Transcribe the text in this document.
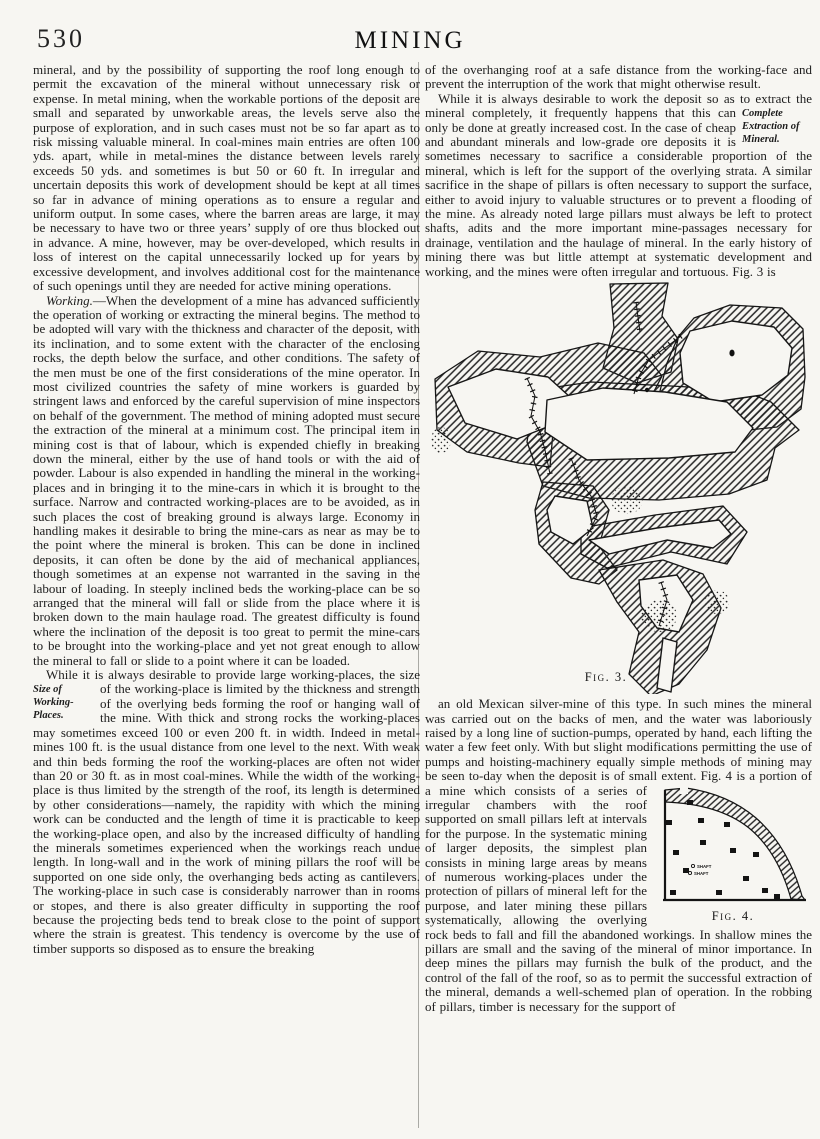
530	MINING

mineral, and by the possibility of supporting the roof long enough to permit the excavation of the mineral without unnecessary risk or expense. In metal mining, when the workable portions of the deposit are small and separated by unworkable areas, the levels serve also the purpose of exploration, and in such cases must not be so far apart as to risk missing valuable mineral. In coal-mines main entries are often 100 yds. apart, while in metal-mines the distance between levels rarely exceeds 50 yds. and sometimes is but 50 or 60 ft. In irregular and uncertain deposits this work of development should be kept at all times so far in advance of mining operations as to ensure a regular and uniform output. In some cases, where the barren areas are large, it may be necessary to have two or three years’ supply of ore thus blocked out in advance. A mine, however, may be over-developed, which results in loss of interest on the capital unnecessarily locked up for years by excessive development, and involves additional cost for the maintenance of such openings until they are needed for active mining operations.

Working.—When the development of a mine has advanced sufficiently the operation of working or extracting the mineral begins. The method to be adopted will vary with the thickness and character of the deposit, with its inclination, and to some extent with the character of the enclosing rocks, the depth below the surface, and other conditions. The safety of the men must be one of the first considerations of the mine operator. In most civilized countries the safety of mine workers is guarded by stringent laws and enforced by the careful supervision of mine inspectors on behalf of the government. The method of mining adopted must secure the extraction of the mineral at a minimum cost. The principal item in mining cost is that of labour, which is expended chiefly in breaking down the mineral, either by the use of hand tools or with the aid of powder. Labour is also expended in handling the mineral in the working-places and in bringing it to the mine-cars in which it is brought to the surface. Narrow and contracted working-places are to be avoided, as in such places the cost of breaking ground is always large. Economy in handling makes it desirable to bring the mine-cars as near as may be to the point where the mineral is broken. This can be done in inclined deposits, it can often be done by the aid of mechanical appliances, though sometimes at an expense not warranted in the saving in the labour of loading. In steeply inclined beds the working-place can be so arranged that the mineral will fall or slide from the place where it is broken down to the main haulage road. The greatest difficulty is found where the inclination of the deposit is too great to permit the mine-cars to be brought into the working-place and yet not great enough to allow the mineral to fall or slide to a point where it can be loaded.

While it is always desirable to provide large working-places, the size of the working-place is limited by the thickness and
Size of Working-Places.
strength of the overlying beds forming the roof or hanging wall of the mine. With thick and strong rocks the working-places may sometimes exceed 100 or even 200 ft. in width. Indeed in metal-mines 100 ft. is the usual distance from one level to the next. With weak and thin beds forming the roof the working-places are often not wider than 20 or 30 ft. as in most coal-mines. While the width of the working-place is thus limited by the strength of the roof, its length is determined by other considerations—namely, the rapidity with which the mining work can be conducted and the length of time it is practicable to keep the working-place open, and also by the increased difficulty of handling the minerals sometimes experienced when the workings reach undue length. In long-wall and in the work of mining pillars the roof will be supported on one side only, the overhanging beds acting as cantilevers. The working-place in such case is considerably narrower than in rooms or stopes, and there is also greater difficulty in supporting the roof because the projecting beds tend to break close to the point of support where the strain is greatest. This tendency is overcome by the use of timber supports so disposed as to ensure the breaking

of the overhanging roof at a safe distance from the working-face and prevent the interruption of the work that might otherwise result.

While it is always desirable to work the deposit so as to extract the mineral completely, it frequently happens that	Complete Extraction of Mineral.
this can only be done at greatly increased cost. In the case of cheap and abundant minerals and low-grade ore deposits it is sometimes necessary to sacrifice a considerable proportion of the mineral, which is left for the support of the overlying strata. A similar sacrifice in the shape of pillars is often necessary to support the surface, either to avoid injury to valuable structures or to prevent a flooding of the mine. As already noted large pillars must always be left to protect shafts, adits and the more important mine-passages necessary for drainage, ventilation and the haulage of mineral. In the early history of mining there was but little attempt at systematic development and working, and the mines were often irregular and tortuous. Fig. 3 is

Fig. 3.

an old Mexican silver-mine of this type. In such mines the mineral was carried out on the backs of men, and the water was laboriously raised by a long line of suction-pumps, operated by hand, each lifting the water a few feet only. With but slight modifications permitting the use of pumps and hoisting-machinery equally simple methods of mining may be seen to-day when the deposit is of small extent. Fig. 4 is a portion of
SHAFT
SHAFT
Fig. 4.
a mine which consists of a series of irregular chambers with the roof supported on small pillars left at intervals for the purpose. In the systematic mining of larger deposits, the simplest plan consists in mining large areas by means of numerous working-places under the protection of pillars of mineral left for the purpose, and later mining these pillars systematically, allowing the overlying rock beds to fall and fill the abandoned workings. In shallow mines the pillars are small and the saving of the mineral of minor importance. In deep mines the pillars may furnish the bulk of the product, and the control of the fall of the roof, so as to permit the successful extraction of the mineral, demands a well-schemed plan of operation. In the robbing of pillars, timber is necessary for the support of
